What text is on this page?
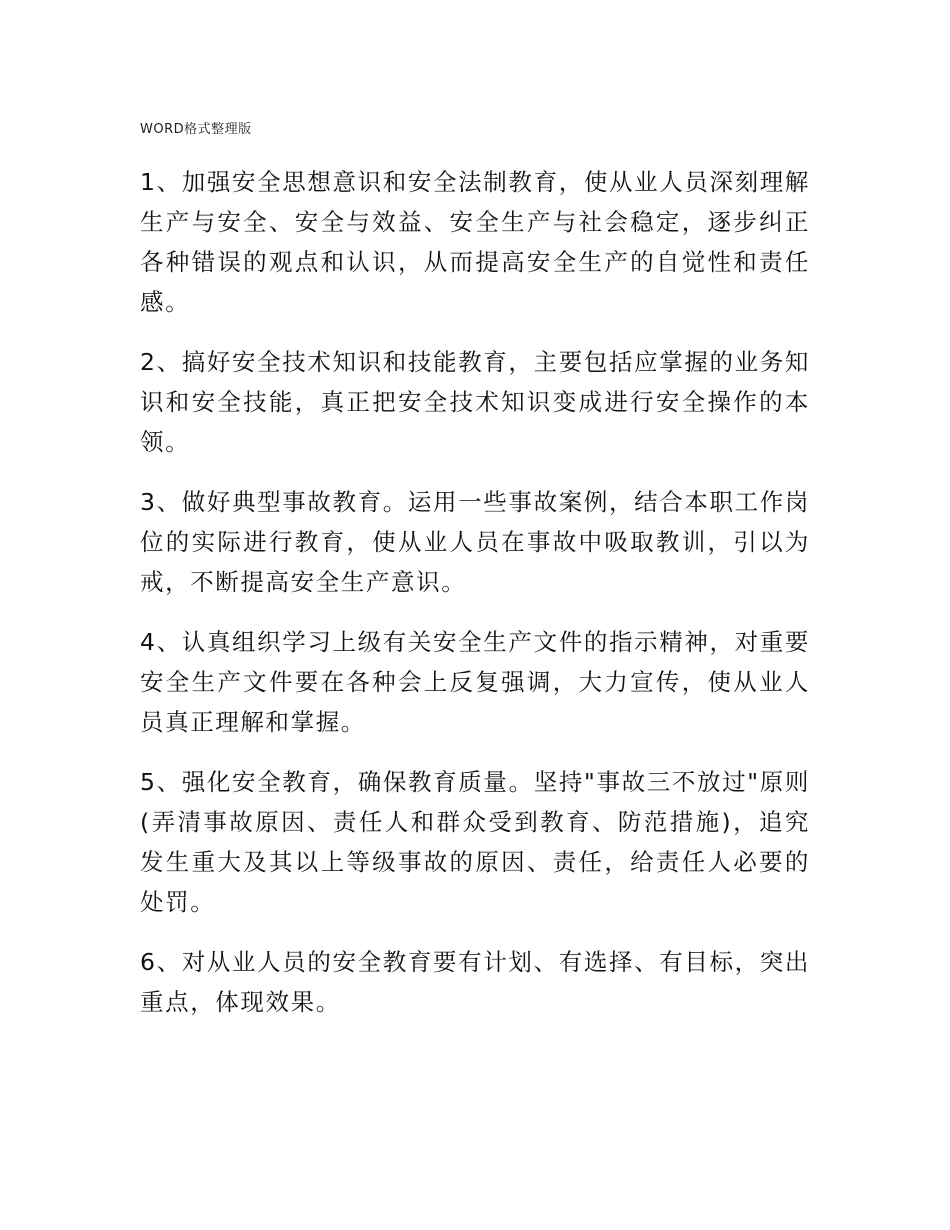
WORD格式整理版

1、加强安全思想意识和安全法制教育，使从业人员深刻理解生产与安全、安全与效益、安全生产与社会稳定，逐步纠正各种错误的观点和认识，从而提高安全生产的自觉性和责任感。

2、搞好安全技术知识和技能教育，主要包括应掌握的业务知识和安全技能，真正把安全技术知识变成进行安全操作的本领。

3、做好典型事故教育。运用一些事故案例，结合本职工作岗位的实际进行教育，使从业人员在事故中吸取教训，引以为戒，不断提高安全生产意识。

4、认真组织学习上级有关安全生产文件的指示精神，对重要安全生产文件要在各种会上反复强调，大力宣传，使从业人员真正理解和掌握。

5、强化安全教育，确保教育质量。坚持"事故三不放过"原则(弄清事故原因、责任人和群众受到教育、防范措施)，追究发生重大及其以上等级事故的原因、责任，给责任人必要的处罚。

6、对从业人员的安全教育要有计划、有选择、有目标，突出重点，体现效果。
